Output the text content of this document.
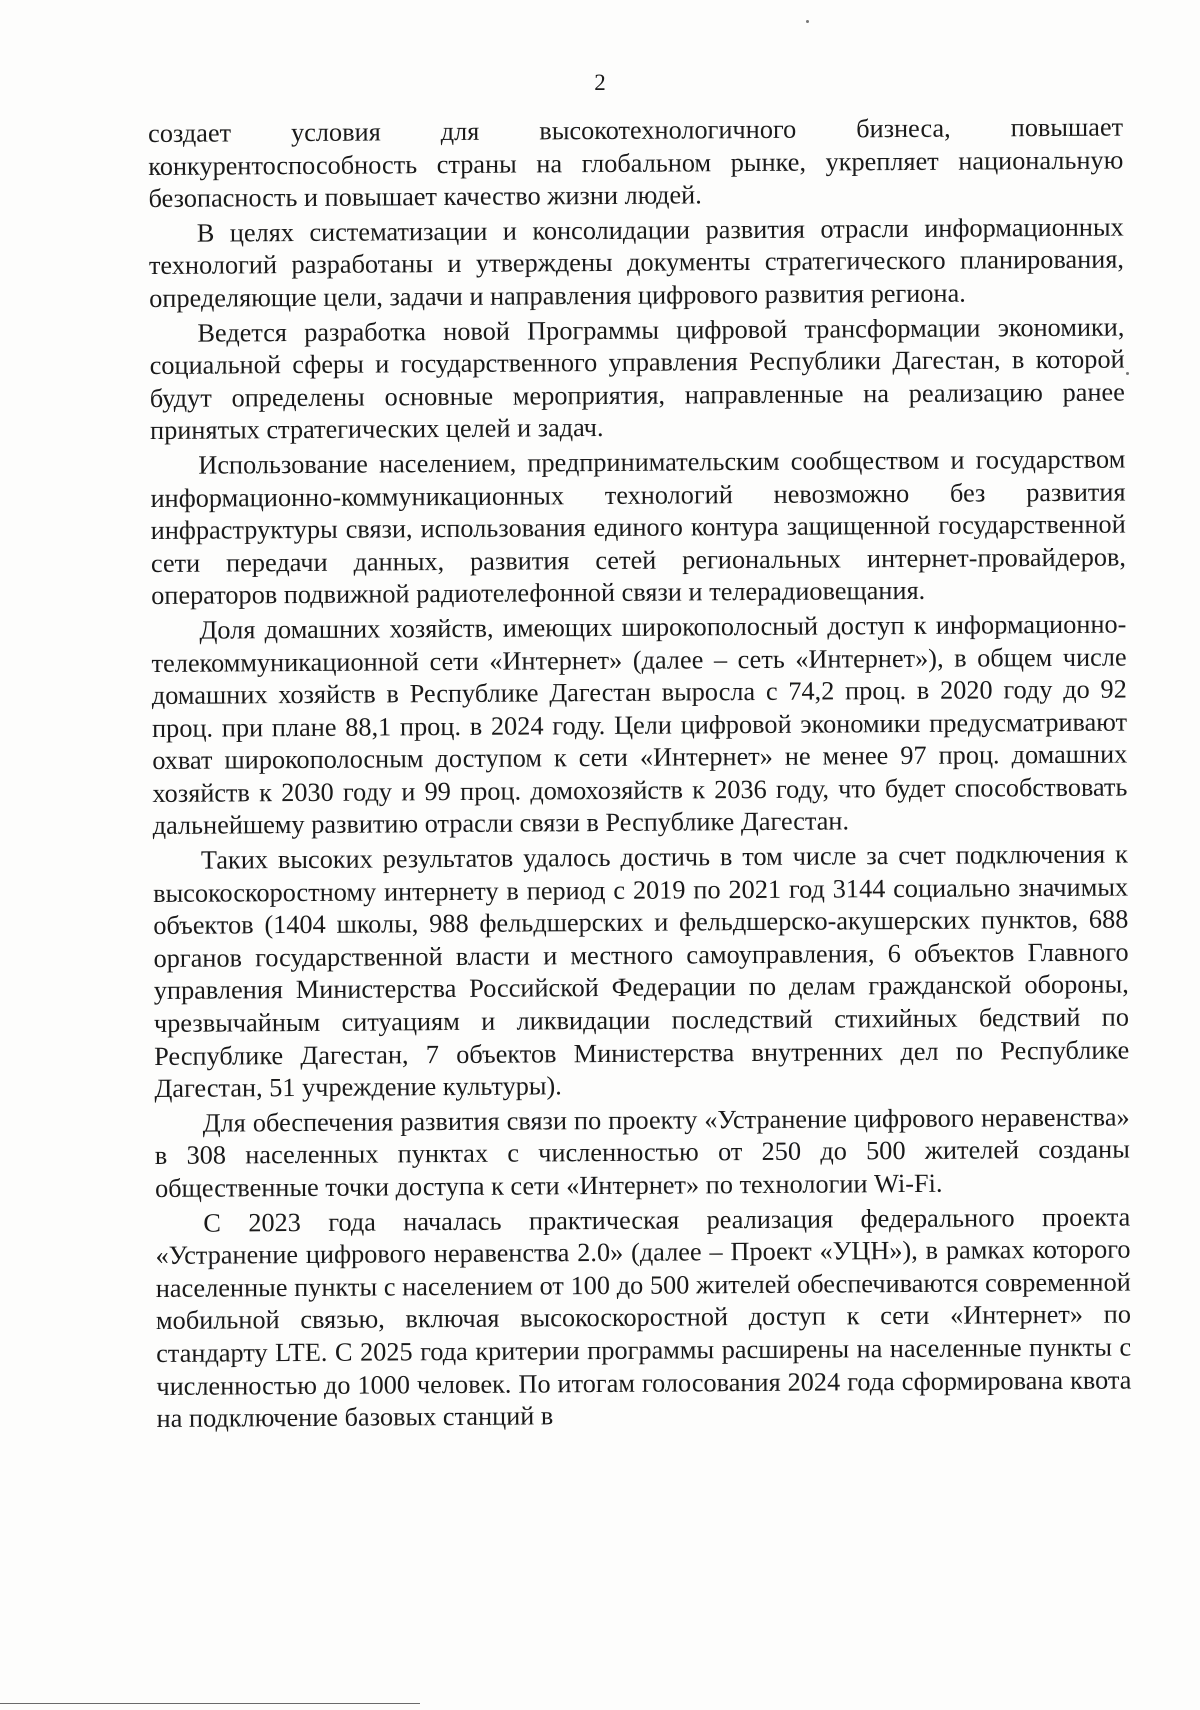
2

создает условия для высокотехнологичного бизнеса, повышает конкурентоспособность страны на глобальном рынке, укрепляет национальную безопасность и повышает качество жизни людей.

В целях систематизации и консолидации развития отрасли информационных технологий разработаны и утверждены документы стратегического планирования, определяющие цели, задачи и направления цифрового развития региона.

Ведется разработка новой Программы цифровой трансформации экономики, социальной сферы и государственного управления Республики Дагестан, в которой будут определены основные мероприятия, направленные на реализацию ранее принятых стратегических целей и задач.

Использование населением, предпринимательским сообществом и государством информационно-коммуникационных технологий невозможно без развития инфраструктуры связи, использования единого контура защищенной государственной сети передачи данных, развития сетей региональных интернет-провайдеров, операторов подвижной радиотелефонной связи и телерадиовещания.

Доля домашних хозяйств, имеющих широкополосный доступ к информационно-телекоммуникационной сети «Интернет» (далее – сеть «Интернет»), в общем числе домашних хозяйств в Республике Дагестан выросла с 74,2 проц. в 2020 году до 92 проц. при плане 88,1 проц. в 2024 году. Цели цифровой экономики предусматривают охват широкополосным доступом к сети «Интернет» не менее 97 проц. домашних хозяйств к 2030 году и 99 проц. домохозяйств к 2036 году, что будет способствовать дальнейшему развитию отрасли связи в Республике Дагестан.

Таких высоких результатов удалось достичь в том числе за счет подключения к высокоскоростному интернету в период с 2019 по 2021 год 3144 социально значимых объектов (1404 школы, 988 фельдшерских и фельдшерско-акушерских пунктов, 688 органов государственной власти и местного самоуправления, 6 объектов Главного управления Министерства Российской Федерации по делам гражданской обороны, чрезвычайным ситуациям и ликвидации последствий стихийных бедствий по Республике Дагестан, 7 объектов Министерства внутренних дел по Республике Дагестан, 51 учреждение культуры).

Для обеспечения развития связи по проекту «Устранение цифрового неравенства» в 308 населенных пунктах с численностью от 250 до 500 жителей созданы общественные точки доступа к сети «Интернет» по технологии Wi-Fi.

С 2023 года началась практическая реализация федерального проекта «Устранение цифрового неравенства 2.0» (далее – Проект «УЦН»), в рамках которого населенные пункты с населением от 100 до 500 жителей обеспечиваются современной мобильной связью, включая высокоскоростной доступ к сети «Интернет» по стандарту LTE. С 2025 года критерии программы расширены на населенные пункты с численностью до 1000 человек. По итогам голосования 2024 года сформирована квота на подключение базовых станций в
